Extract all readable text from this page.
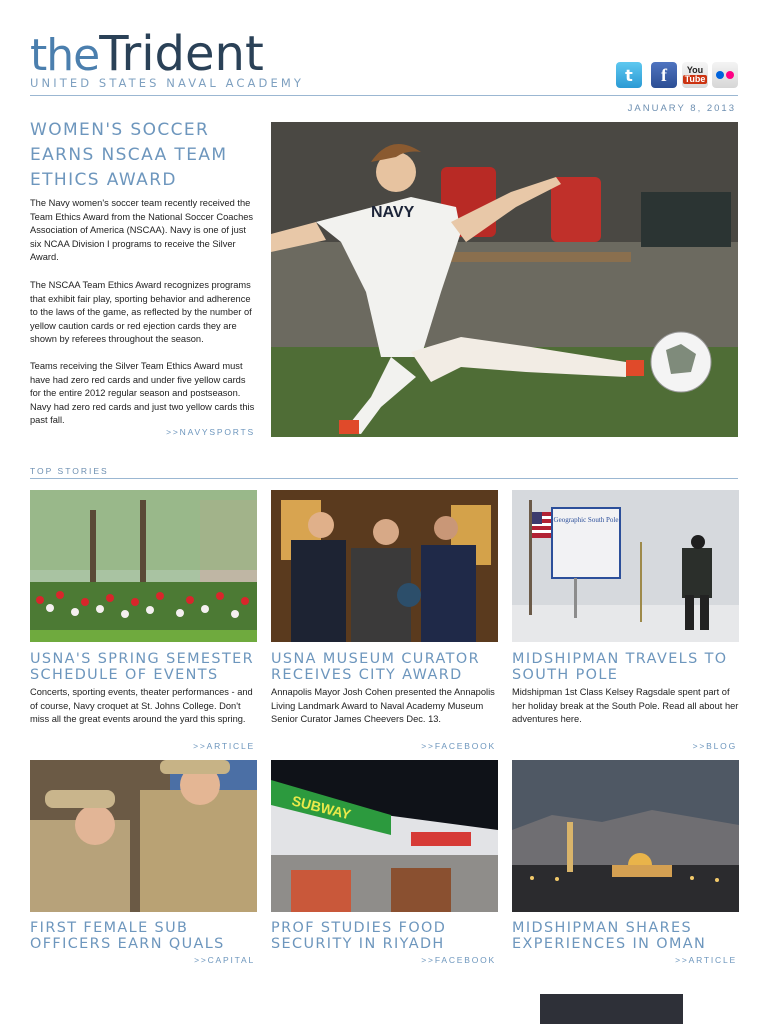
theTrident
UNITED STATES NAVAL ACADEMY	t f You
Tube
JANUARY 8, 2013
WOMEN'S SOCCER EARNS NSCAA TEAM ETHICS AWARD
The Navy women's soccer team recently received the Team Ethics Award from the National Soccer Coaches Association of America (NSCAA). Navy is one of just six NCAA Division I programs to receive the Silver Award.
The NSCAA Team Ethics Award recognizes programs that exhibit fair play, sporting behavior and adherence to the laws of the game, as reflected by the number of yellow caution cards or red ejection cards they are shown by referees throughout the season.
Teams receiving the Silver Team Ethics Award must have had zero red cards and under five yellow cards for the entire 2012 regular season and postseason. Navy had zero red cards and just two yellow cards this past fall.
>>NAVYSPORTS
NAVY
TOP STORIES
USNA'S SPRING SEMESTER SCHEDULE OF EVENTS
Concerts, sporting events, theater performances - and of course, Navy croquet at St. Johns College. Don't miss all the great events around the yard this spring.
>>ARTICLE
USNA MUSEUM CURATOR RECEIVES CITY AWARD
Annapolis Mayor Josh Cohen presented the Annapolis Living Landmark Award to Naval Academy Museum Senior Curator James Cheevers Dec. 13.
>>FACEBOOK
Geographic South Pole
MIDSHIPMAN TRAVELS TO SOUTH POLE
Midshipman 1st Class Kelsey Ragsdale spent part of her holiday break at the South Pole. Read all about her adventures here.
>>BLOG
FIRST FEMALE SUB OFFICERS EARN QUALS
>>CAPITAL
SUBWAY
PROF STUDIES FOOD SECURITY IN RIYADH
>>FACEBOOK
MIDSHIPMAN SHARES EXPERIENCES IN OMAN
>>ARTICLE
